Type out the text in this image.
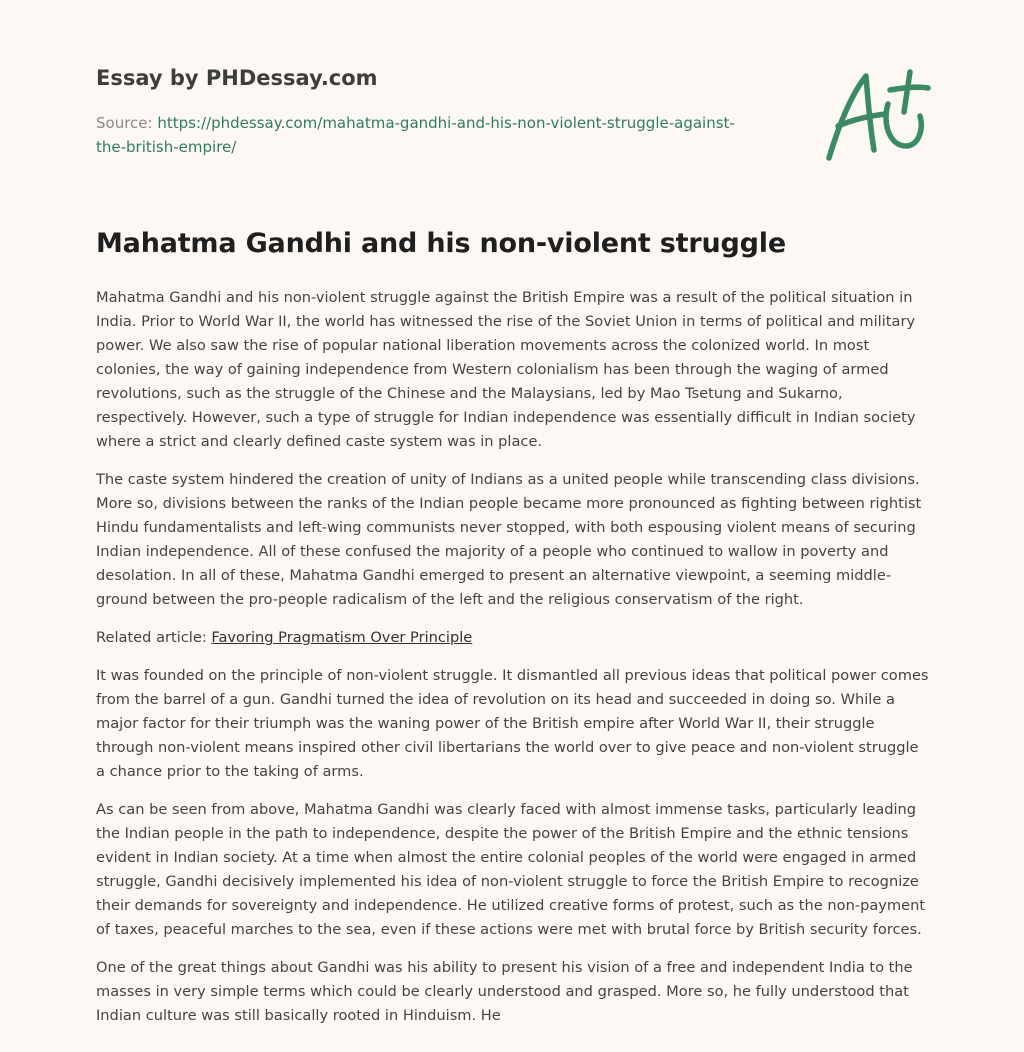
Essay by PHDessay.com
Source: https://phdessay.com/mahatma-gandhi-and-his-non-violent-struggle-against-the-british-empire/
Mahatma Gandhi and his non-violent struggle

Mahatma Gandhi and his non-violent struggle against the British Empire was a result of the political situation in India. Prior to World War II, the world has witnessed the rise of the Soviet Union in terms of political and military power. We also saw the rise of popular national liberation movements across the colonized world. In most colonies, the way of gaining independence from Western colonialism has been through the waging of armed revolutions, such as the struggle of the Chinese and the Malaysians, led by Mao Tsetung and Sukarno, respectively. However, such a type of struggle for Indian independence was essentially difficult in Indian society where a strict and clearly defined caste system was in place.

The caste system hindered the creation of unity of Indians as a united people while transcending class divisions. More so, divisions between the ranks of the Indian people became more pronounced as fighting between rightist Hindu fundamentalists and left-wing communists never stopped, with both espousing violent means of securing Indian independence. All of these confused the majority of a people who continued to wallow in poverty and desolation. In all of these, Mahatma Gandhi emerged to present an alternative viewpoint, a seeming middle-ground between the pro-people radicalism of the left and the religious conservatism of the right.

Related article: Favoring Pragmatism Over Principle

It was founded on the principle of non-violent struggle. It dismantled all previous ideas that political power comes from the barrel of a gun. Gandhi turned the idea of revolution on its head and succeeded in doing so. While a major factor for their triumph was the waning power of the British empire after World War II, their struggle through non-violent means inspired other civil libertarians the world over to give peace and non-violent struggle a chance prior to the taking of arms.

As can be seen from above, Mahatma Gandhi was clearly faced with almost immense tasks, particularly leading the Indian people in the path to independence, despite the power of the British Empire and the ethnic tensions evident in Indian society. At a time when almost the entire colonial peoples of the world were engaged in armed struggle, Gandhi decisively implemented his idea of non-violent struggle to force the British Empire to recognize their demands for sovereignty and independence. He utilized creative forms of protest, such as the non-payment of taxes, peaceful marches to the sea, even if these actions were met with brutal force by British security forces.

One of the great things about Gandhi was his ability to present his vision of a free and independent India to the masses in very simple terms which could be clearly understood and grasped. More so, he fully understood that Indian culture was still basically rooted in Hinduism. He
